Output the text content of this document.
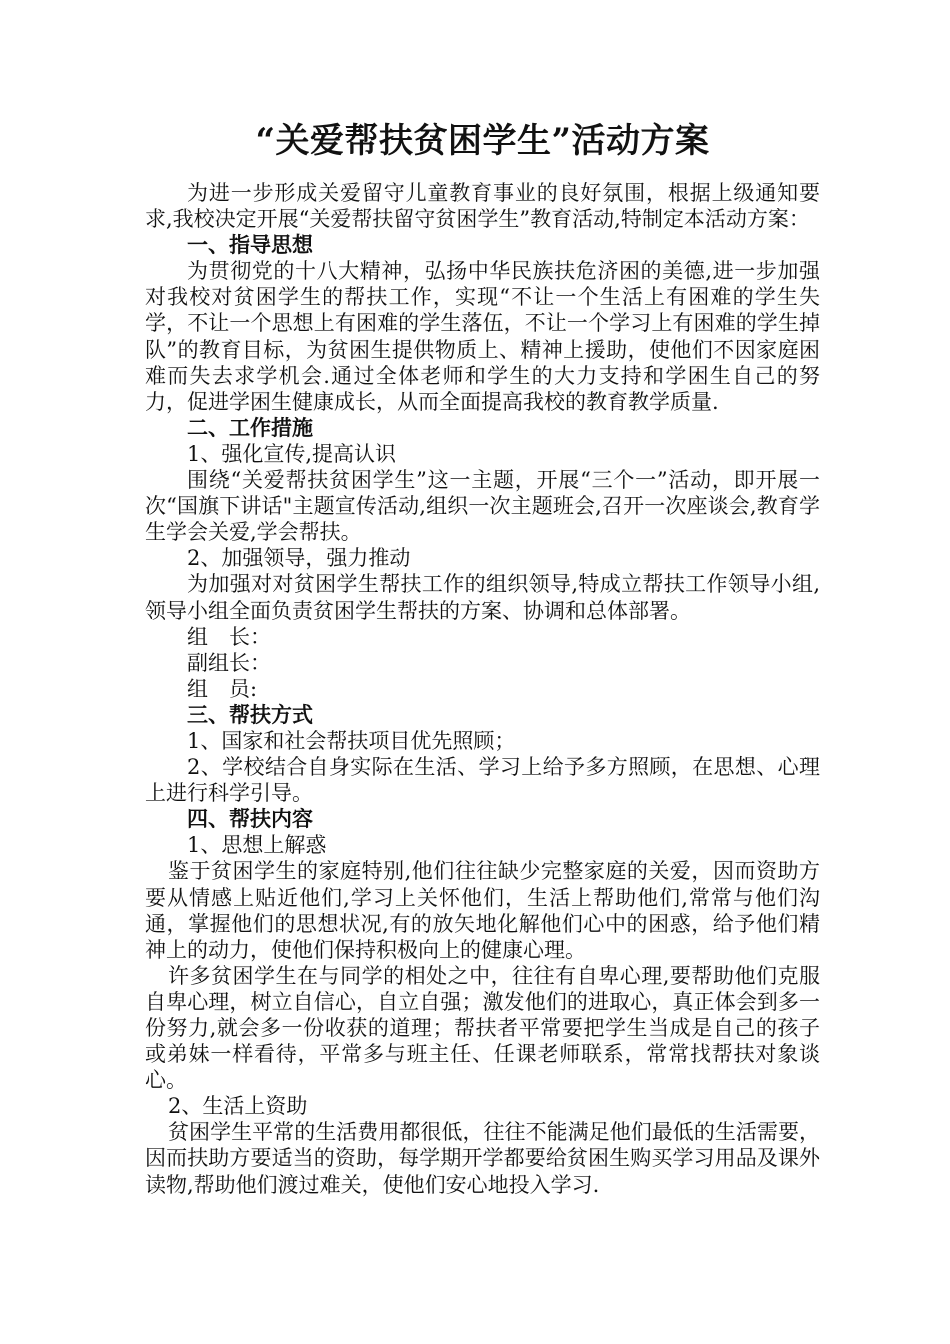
“关爱帮扶贫困学生”活动方案

为进一步形成关爱留守儿童教育事业的良好氛围，根据上级通知要求,我校决定开展“关爱帮扶留守贫困学生”教育活动,特制定本活动方案：

一、指导思想

为贯彻党的十八大精神，弘扬中华民族扶危济困的美德,进一步加强对我校对贫困学生的帮扶工作，实现“不让一个生活上有困难的学生失学，不让一个思想上有困难的学生落伍，不让一个学习上有困难的学生掉队”的教育目标，为贫困生提供物质上、精神上援助，使他们不因家庭困难而失去求学机会.通过全体老师和学生的大力支持和学困生自己的努力，促进学困生健康成长，从而全面提高我校的教育教学质量.

二、工作措施

1、强化宣传,提高认识

围绕“关爱帮扶贫困学生”这一主题，开展“三个一”活动，即开展一次“国旗下讲话"主题宣传活动,组织一次主题班会,召开一次座谈会,教育学生学会关爱,学会帮扶。

2、加强领导，强力推动

为加强对对贫困学生帮扶工作的组织领导,特成立帮扶工作领导小组,领导小组全面负责贫困学生帮扶的方案、协调和总体部署。

组　长：

副组长：

组　员:

三、帮扶方式

1、国家和社会帮扶项目优先照顾；

2、学校结合自身实际在生活、学习上给予多方照顾，在思想、心理上进行科学引导。

四、帮扶内容

1、思想上解惑

鉴于贫困学生的家庭特别,他们往往缺少完整家庭的关爱，因而资助方要从情感上贴近他们,学习上关怀他们，生活上帮助他们,常常与他们沟通，掌握他们的思想状况,有的放矢地化解他们心中的困惑，给予他们精神上的动力，使他们保持积极向上的健康心理。

许多贫困学生在与同学的相处之中，往往有自卑心理,要帮助他们克服自卑心理，树立自信心，自立自强；激发他们的进取心，真正体会到多一份努力,就会多一份收获的道理；帮扶者平常要把学生当成是自己的孩子或弟妹一样看待，平常多与班主任、任课老师联系，常常找帮扶对象谈心。

2、生活上资助

贫困学生平常的生活费用都很低，往往不能满足他们最低的生活需要，因而扶助方要适当的资助，每学期开学都要给贫困生购买学习用品及课外读物,帮助他们渡过难关，使他们安心地投入学习.
